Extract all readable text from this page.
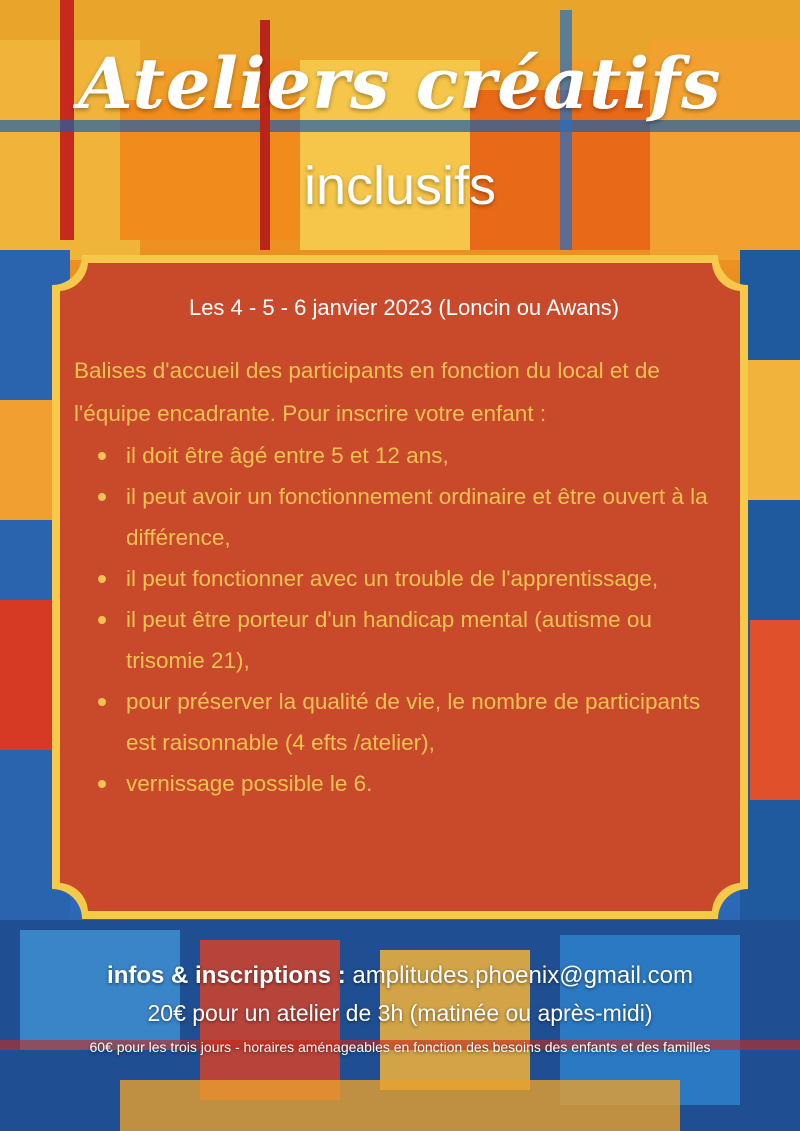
Ateliers créatifs
inclusifs
Les 4 - 5 - 6 janvier 2023 (Loncin ou Awans)
Balises d'accueil des participants en fonction du local et de l'équipe encadrante. Pour inscrire votre enfant :
il doit être âgé entre 5 et 12 ans,
il peut avoir un fonctionnement ordinaire et être ouvert à la différence,
il peut fonctionner avec un trouble de l'apprentissage,
il peut être porteur d'un handicap mental (autisme ou trisomie 21),
pour préserver la qualité de vie, le nombre de participants est raisonnable (4 efts /atelier),
vernissage possible le 6.
infos & inscriptions : amplitudes.phoenix@gmail.com
20€ pour un atelier de 3h (matinée ou après-midi)
60€ pour les trois jours - horaires aménageables en fonction des besoins des enfants et des familles
